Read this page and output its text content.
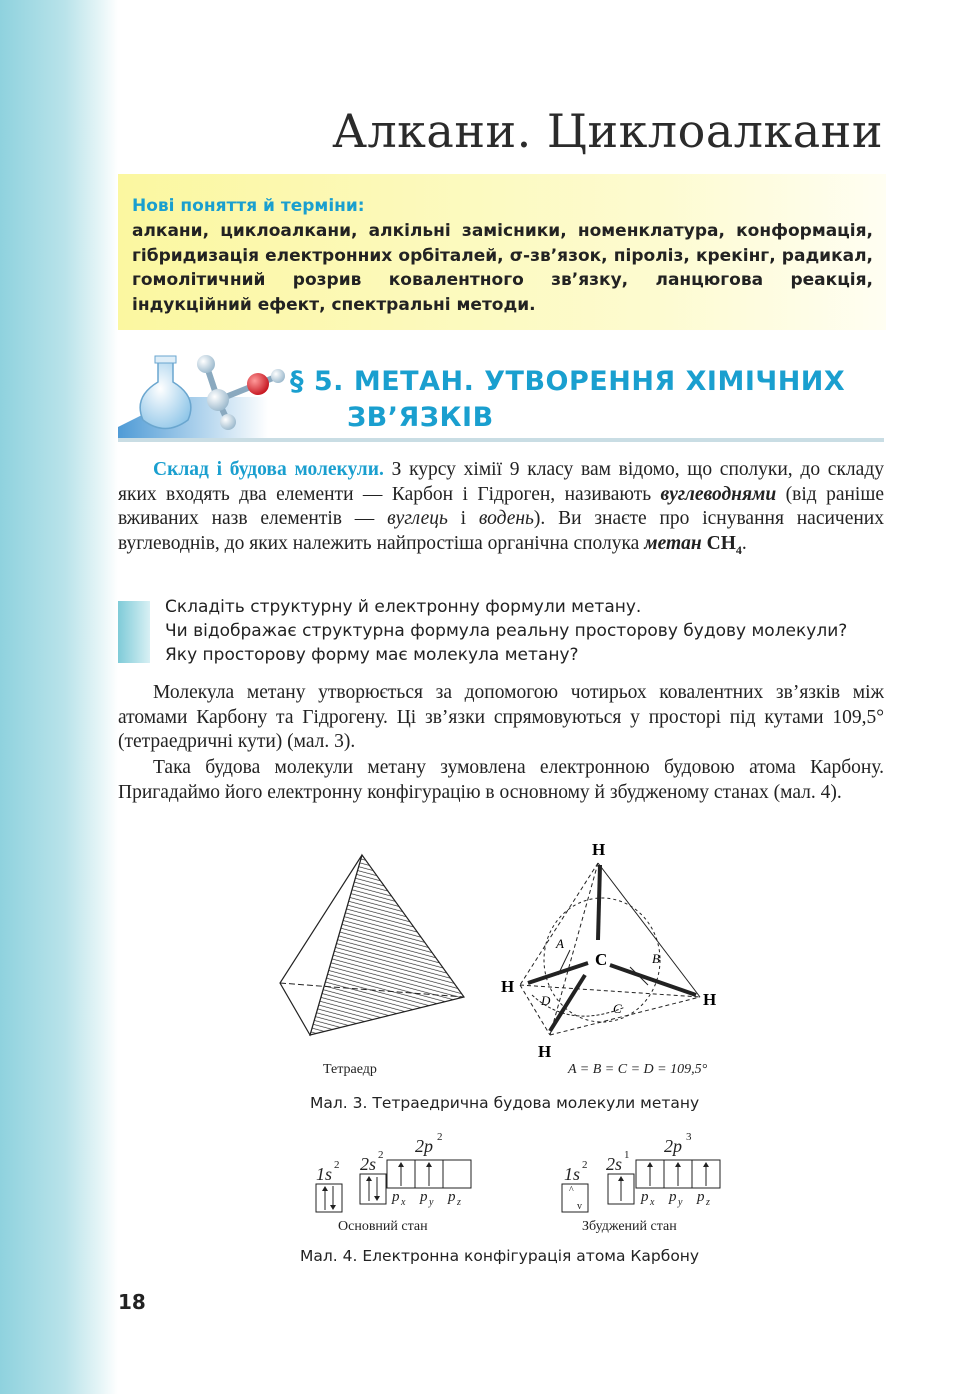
Алкани. Циклоалкани
Нові поняття й терміни:
алкани, циклоалкани, алкільні замісники, номенклатура, конформація, гібридизація електронних орбіталей, σ-зв’язок, піроліз, крекінг, радикал, гомолітичний розрив ковалентного зв’язку, ланцюгова реакція, індукційний ефект, спектральні методи.
§ 5. МЕТАН. УТВОРЕННЯ ХІМІЧНИХ
ЗВ’ЯЗКІВ

Склад і будова молекули. З курсу хімії 9 класу вам відомо, що сполуки, до складу яких входять два елементи — Карбон і Гідроген, називають вуглеводнями (від раніше вживаних назв елементів — вуглець і водень). Ви знаєте про існування насичених вуглеводнів, до яких належить найпростіша органічна сполука метан $CH_4$.

Складіть структурну й електронну формули метану.
Чи відображає структурна формула реальну просторову будову молекули?
Яку просторову форму має молекула метану?

Молекула метану утворюється за допомогою чотирьох ковалентних зв’язків між атомами Карбону та Гідрогену. Ці зв’язки спрямовуються у просторі під кутами 109,5° (тетраедричні кути) (мал. 3).

Така будова молекули метану зумовлена електронною будовою атома Карбону. Пригадаймо його електронну конфігурацію в основному й збудженому станах (мал. 4).

H
C
H
H
H
A
B
C
D
Тетраедр	A = B = C = D = 109,5°
Мал. 3. Тетраедрична будова молекули метану
1s 2 2s 2 2p 2
p x p y p z
Основний стан
1s 2
^
v
2s 1 2p 3
p x p y p z
Збуджений стан
Мал. 4. Електронна конфігурація атома Карбону
18
